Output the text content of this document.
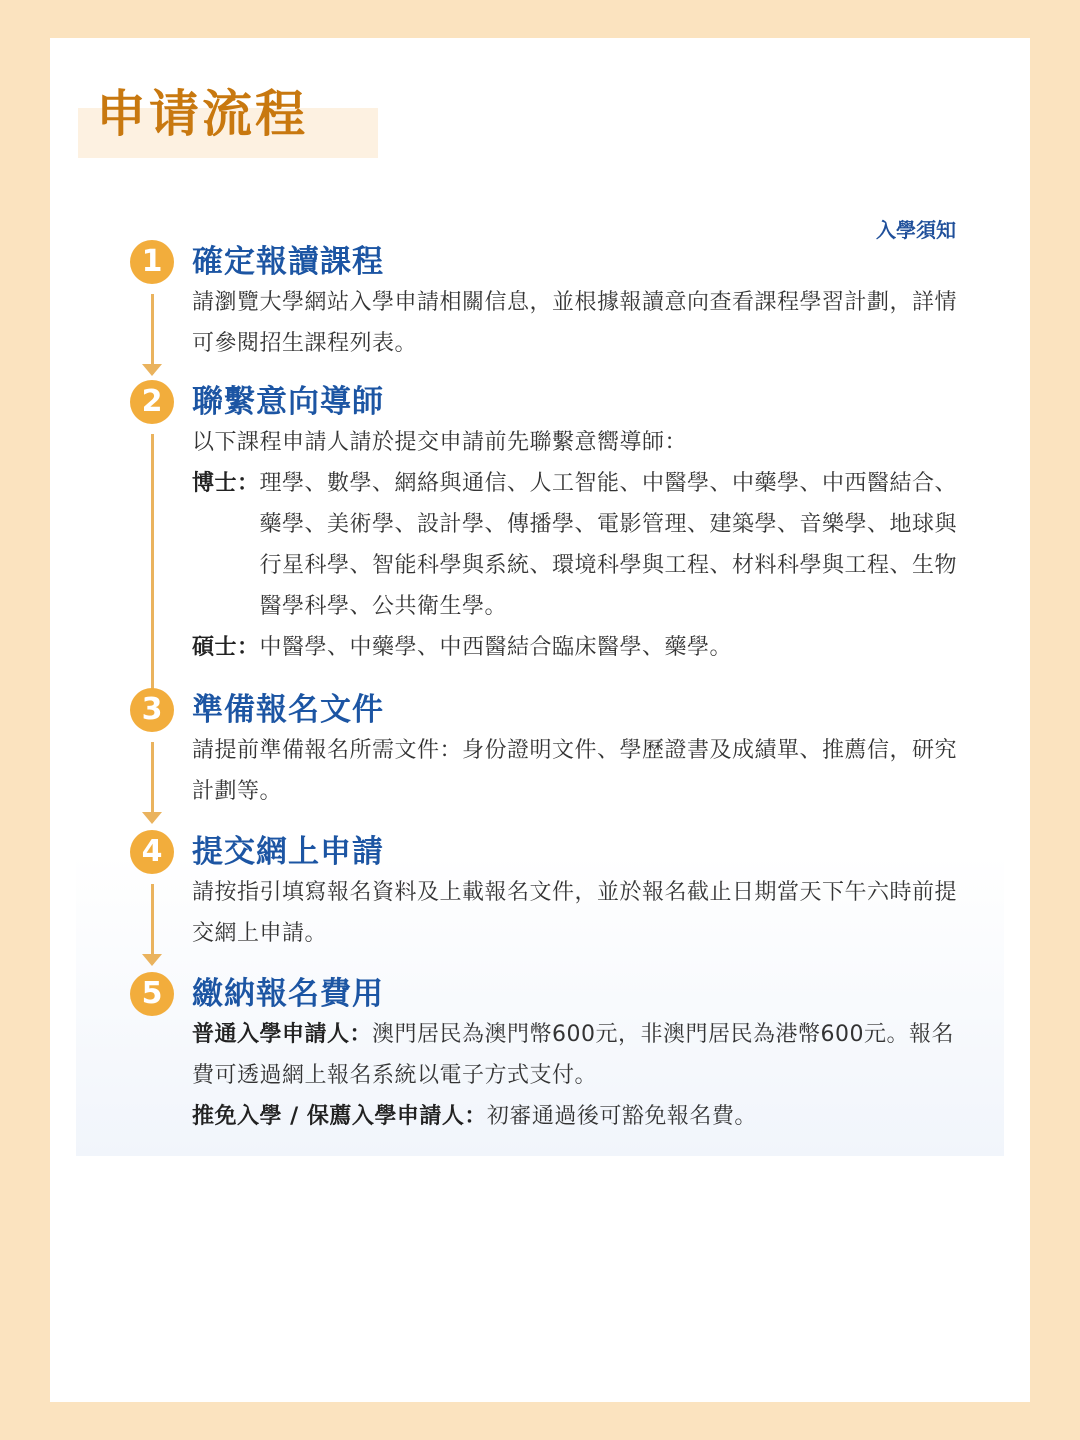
申请流程
入學須知
1 確定報讀課程
請瀏覽大學網站入學申請相關信息，並根據報讀意向查看課程學習計劃，詳情可參閱招生課程列表。
2 聯繫意向導師
以下課程申請人請於提交申請前先聯繫意嚮導師：
博士： 理學、數學、網絡與通信、人工智能、中醫學、中藥學、中西醫結合、藥學、美術學、設計學、傳播學、電影管理、建築學、音樂學、地球與行星科學、智能科學與系統、環境科學與工程、材料科學與工程、生物醫學科學、公共衛生學。
碩士： 中醫學、中藥學、中西醫結合臨床醫學、藥學。
3 準備報名文件
請提前準備報名所需文件：身份證明文件、學歷證書及成績單、推薦信，研究計劃等。
4 提交網上申請
請按指引填寫報名資料及上載報名文件，並於報名截止日期當天下午六時前提交網上申請。
5 繳納報名費用
普通入學申請人：澳門居民為澳門幣600元，非澳門居民為港幣600元。報名費可透過網上報名系統以電子方式支付。
推免入學 / 保薦入學申請人：初審通過後可豁免報名費。
